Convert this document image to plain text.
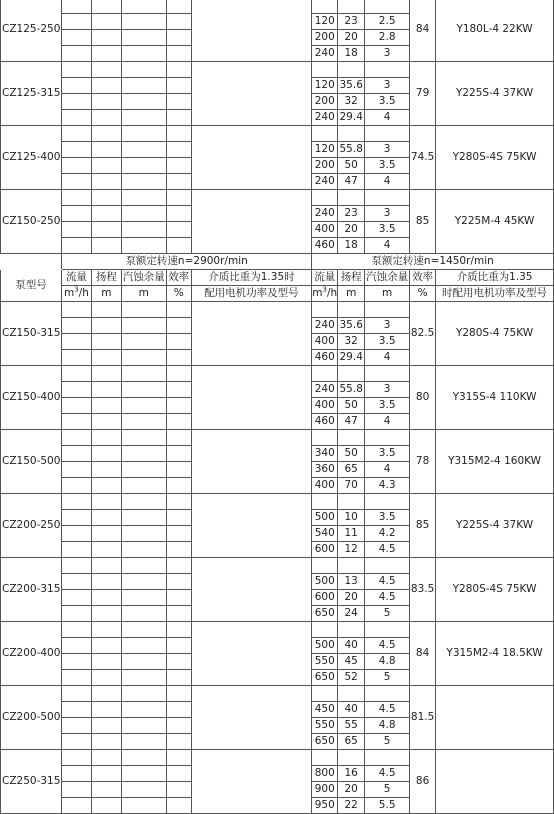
CZ125-250									84	Y180L-4 22KW
						120	23	2.5		
						200	20	2.8		
						240	18	3		
CZ125-315									79	Y225S-4 37KW
						120	35.6	3		
						200	32	3.5		
						240	29.4	4		
CZ125-400									74.5	Y280S-4S 75KW
						120	55.8	3		
						200	50	3.5		
						240	47	4		
CZ150-250									85	Y225M-4 45KW
						240	23	3		
						400	20	3.5		
						460	18	4		
	泵额定转速n=2900r/min					泵额定转速n=1450r/min				
泵型号	流量	扬程	汽蚀余量	效率	介质比重为1.35时	流量	扬程	汽蚀余量	效率	介质比重为1.35
	$m^3/h$	m	m	%	配用电机功率及型号	$m^3/h$	m	m	%	时配用电机功率及型号
CZ150-315									82.5	Y280S-4 75KW
						240	35.6	3		
						400	32	3.5		
						460	29.4	4		
CZ150-400									80	Y315S-4 110KW
						240	55.8	3		
						400	50	3.5		
						460	47	4		
CZ150-500									78	Y315M2-4 160KW
						340	50	3.5		
						360	65	4		
						400	70	4.3		
CZ200-250									85	Y225S-4 37KW
						500	10	3.5		
						540	11	4.2		
						600	12	4.5		
CZ200-315									83.5	Y280S-4S 75KW
						500	13	4.5		
						600	20	4.5		
						650	24	5		
CZ200-400									84	Y315M2-4 18.5KW
						500	40	4.5		
						550	45	4.8		
						650	52	5		
CZ200-500									81.5	
						450	40	4.5		
						550	55	4.8		
						650	65	5		
CZ250-315									86	
						800	16	4.5		
						900	20	5		
						950	22	5.5		
